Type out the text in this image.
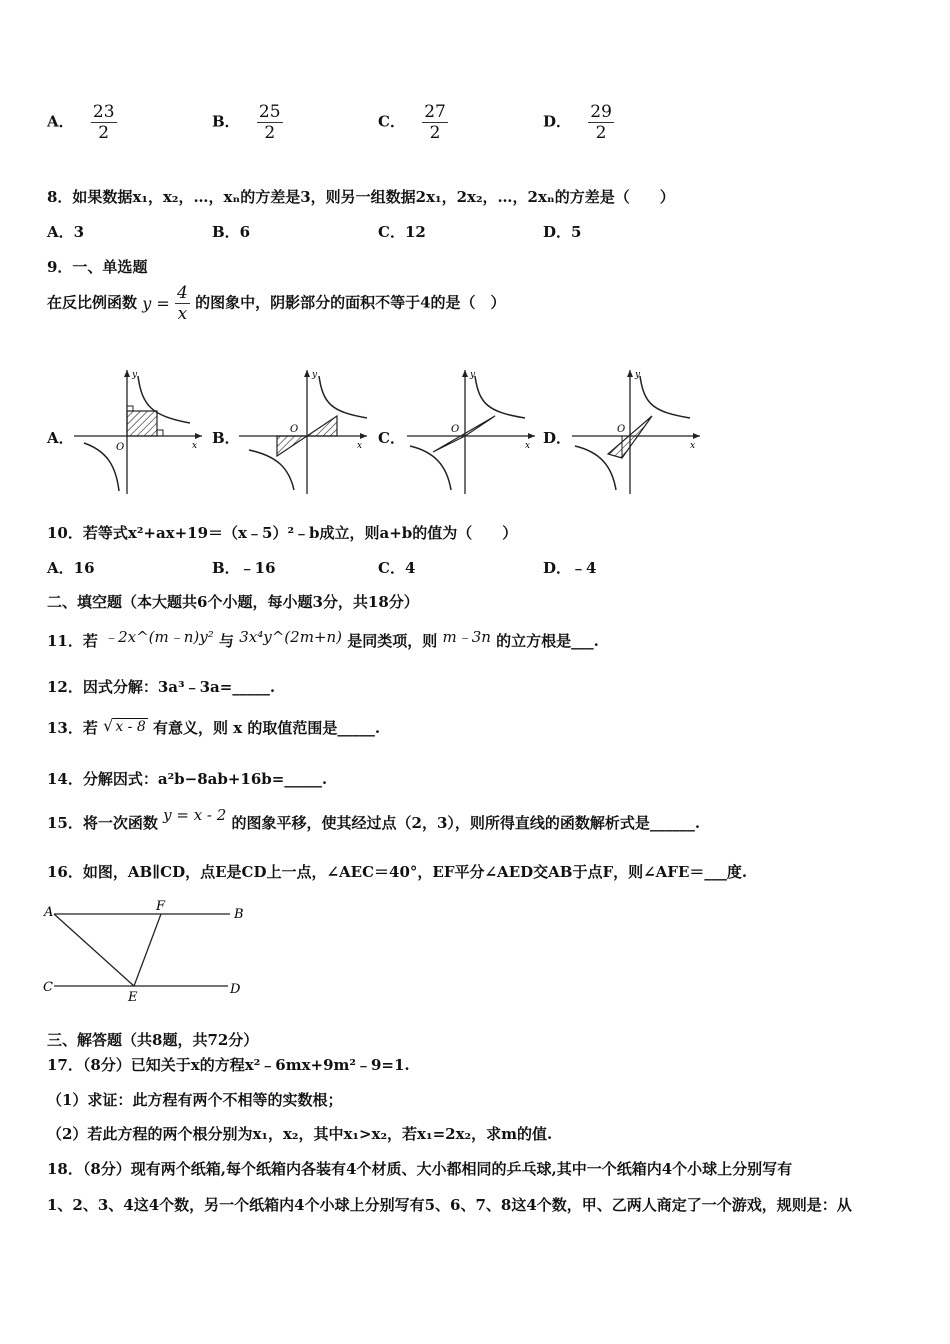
A． $\frac{23}{2}$	B． $\frac{25}{2}$	C． $\frac{27}{2}$	D． $\frac{29}{2}$
8．如果数据x₁，x₂，…，xₙ的方差是3，则另一组数据2x₁，2x₂，…，2xₙ的方差是（　　）
A．3	B．6	C．12	D．5
9．一、单选题
在反比例函数 $y = \frac{4}{x}$ 的图象中，阴影部分的面积不等于4的是（　）
A．	B．	C．	D．
y
x
O
y
x
O
y
x
O
y
x
O
10．若等式x²+ax+19＝（x﹣5）²﹣b成立，则a+b的值为（　　）
A．16	B．﹣16	C．4	D．﹣4
二、填空题（本大题共6个小题，每小题3分，共18分）
11．若 ﹣2x^(m﹣n)y² 与 3x⁴y^(2m+n) 是同类项，则 m﹣3n 的立方根是___.
12．因式分解：3a³﹣3a=_____.
13．若 √ x - 8 有意义，则 x 的取值范围是_____.
14．分解因式：a²b−8ab+16b=_____.
15．将一次函数 y = x - 2 的图象平移，使其经过点（2，3），则所得直线的函数解析式是______.
16．如图，AB∥CD，点E是CD上一点，∠AEC＝40°，EF平分∠AED交AB于点F，则∠AFE＝___度.
A	F
B
C
E
D
三、解答题（共8题，共72分）
17．（8分）已知关于x的方程x²﹣6mx+9m²﹣9=1.
（1）求证：此方程有两个不相等的实数根；
（2）若此方程的两个根分别为x₁，x₂，其中x₁>x₂，若x₁=2x₂，求m的值.
18．（8分）现有两个纸箱,每个纸箱内各装有4个材质、大小都相同的乒乓球,其中一个纸箱内4个小球上分别写有
1、2、3、4这4个数，另一个纸箱内4个小球上分别写有5、6、7、8这4个数，甲、乙两人商定了一个游戏，规则是：从
